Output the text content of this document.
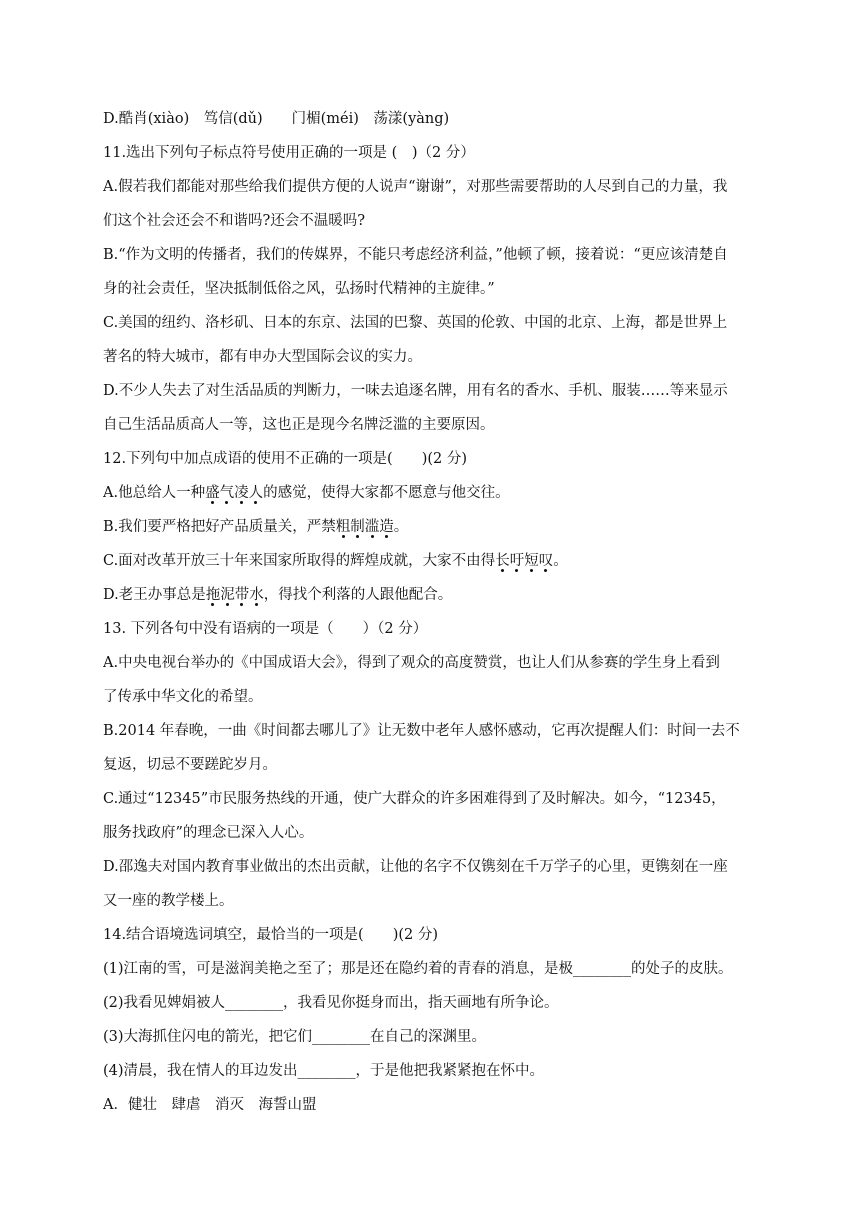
D.酷肖(xiào)　笃信(dǔ)　　门楣(méi)　荡漾(yàng)
11.选出下列句子标点符号使用正确的一项是 (　)（2 分）
A.假若我们都能对那些给我们提供方便的人说声“谢谢”，对那些需要帮助的人尽到自己的力量，我
们这个社会还会不和谐吗?还会不温暖吗?
B.“作为文明的传播者，我们的传媒界，不能只考虑经济利益，”他顿了顿，接着说：“更应该清楚自
身的社会责任，坚决抵制低俗之风，弘扬时代精神的主旋律。”
C.美国的纽约、洛杉矶、日本的东京、法国的巴黎、英国的伦敦、中国的北京、上海，都是世界上
著名的特大城市，都有申办大型国际会议的实力。
D.不少人失去了对生活品质的判断力，一味去追逐名牌，用有名的香水、手机、服装……等来显示
自己生活品质高人一等，这也正是现今名牌泛滥的主要原因。
12.下列句中加点成语的使用不正确的一项是(　　)(2 分)
A.他总给人一种盛气凌人的感觉，使得大家都不愿意与他交往。
B.我们要严格把好产品质量关，严禁粗制滥造。
C.面对改革开放三十年来国家所取得的辉煌成就，大家不由得长吁短叹。
D.老王办事总是拖泥带水，得找个利落的人跟他配合。
13. 下列各句中没有语病的一项是（　　）（2 分）
A.中央电视台举办的《中国成语大会》，得到了观众的高度赞赏，也让人们从参赛的学生身上看到
了传承中华文化的希望。
B.2014 年春晚，一曲《时间都去哪儿了》让无数中老年人感怀感动，它再次提醒人们：时间一去不
复返，切忌不要蹉跎岁月。
C.通过“12345”市民服务热线的开通，使广大群众的许多困难得到了及时解决。如今，“12345，
服务找政府”的理念已深入人心。
D.邵逸夫对国内教育事业做出的杰出贡献，让他的名字不仅镌刻在千万学子的心里，更镌刻在一座
又一座的教学楼上。
14.结合语境选词填空，最恰当的一项是(　　)(2 分)
(1)江南的雪，可是滋润美艳之至了；那是还在隐约着的青春的消息，是极________的处子的皮肤。
(2)我看见婢娟被人________，我看见你挺身而出，指天画地有所争论。
(3)大海抓住闪电的箭光，把它们________在自己的深渊里。
(4)清晨，我在情人的耳边发出________，于是他把我紧紧抱在怀中。
A．健壮　肆虐　消灭　海誓山盟
